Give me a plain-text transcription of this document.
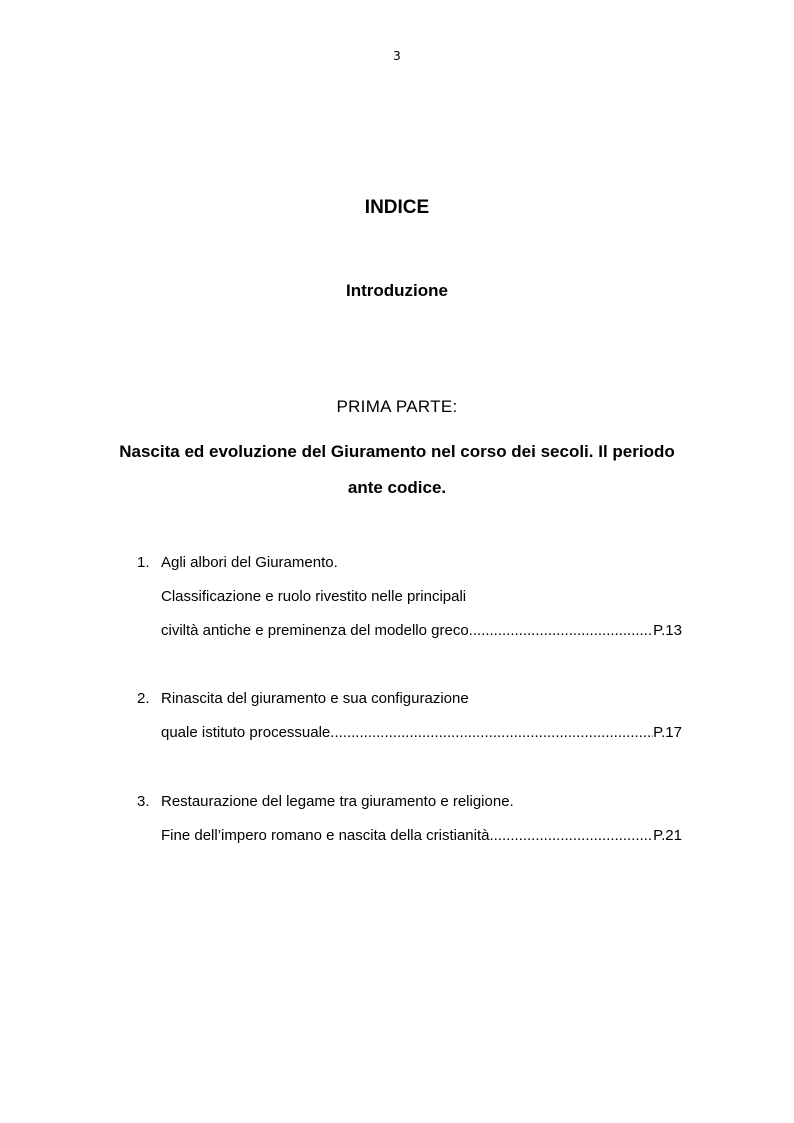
3
INDICE
Introduzione
PRIMA PARTE:
Nascita ed evoluzione del Giuramento nel corso dei secoli. Il periodo ante codice.
1. Agli albori del Giuramento.
Classificazione e ruolo rivestito nelle principali
civiltà antiche e preminenza del modello greco .....	P.13
2. Rinascita del giuramento e sua configurazione
quale istituto processuale .....	P.17
3. Restaurazione del legame tra giuramento e religione.
Fine dell’impero romano e nascita della cristianità .....	P.21
